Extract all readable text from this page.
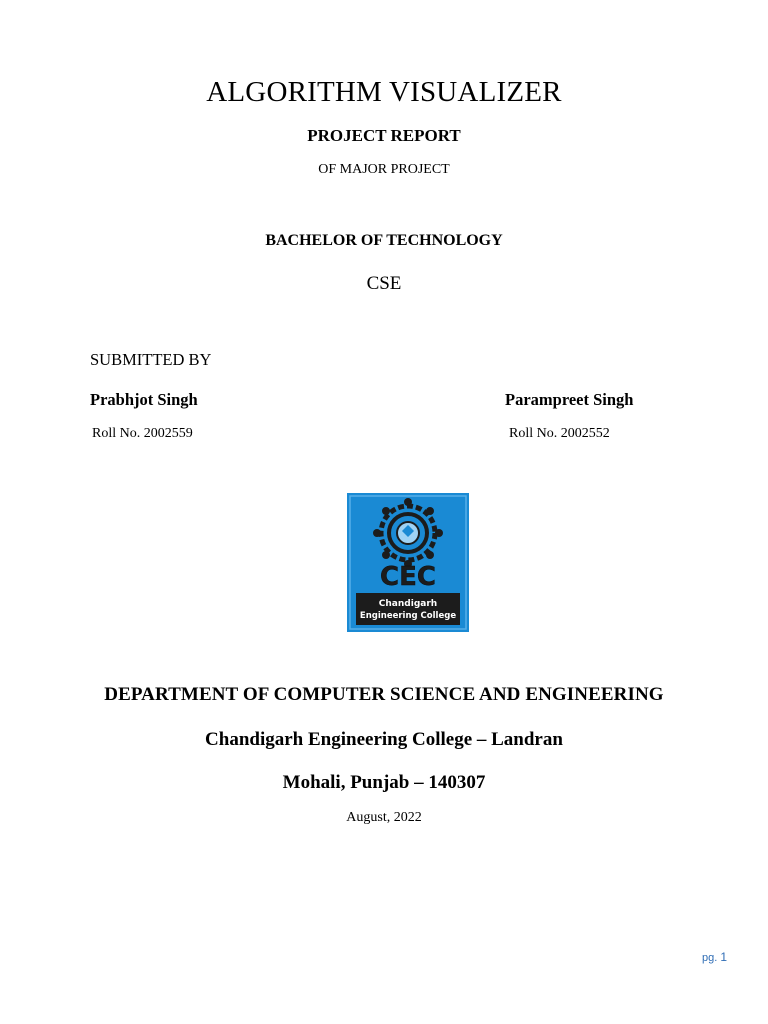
ALGORITHM VISUALIZER
PROJECT REPORT
OF MAJOR PROJECT
BACHELOR OF TECHNOLOGY
CSE
SUBMITTED BY
Prabhjot Singh	Parampreet Singh
Roll No. 2002559	Roll No. 2002552
CEC
Chandigarh
Engineering College
DEPARTMENT OF COMPUTER SCIENCE AND ENGINEERING
Chandigarh Engineering College – Landran
Mohali, Punjab – 140307
August, 2022
pg. 1
